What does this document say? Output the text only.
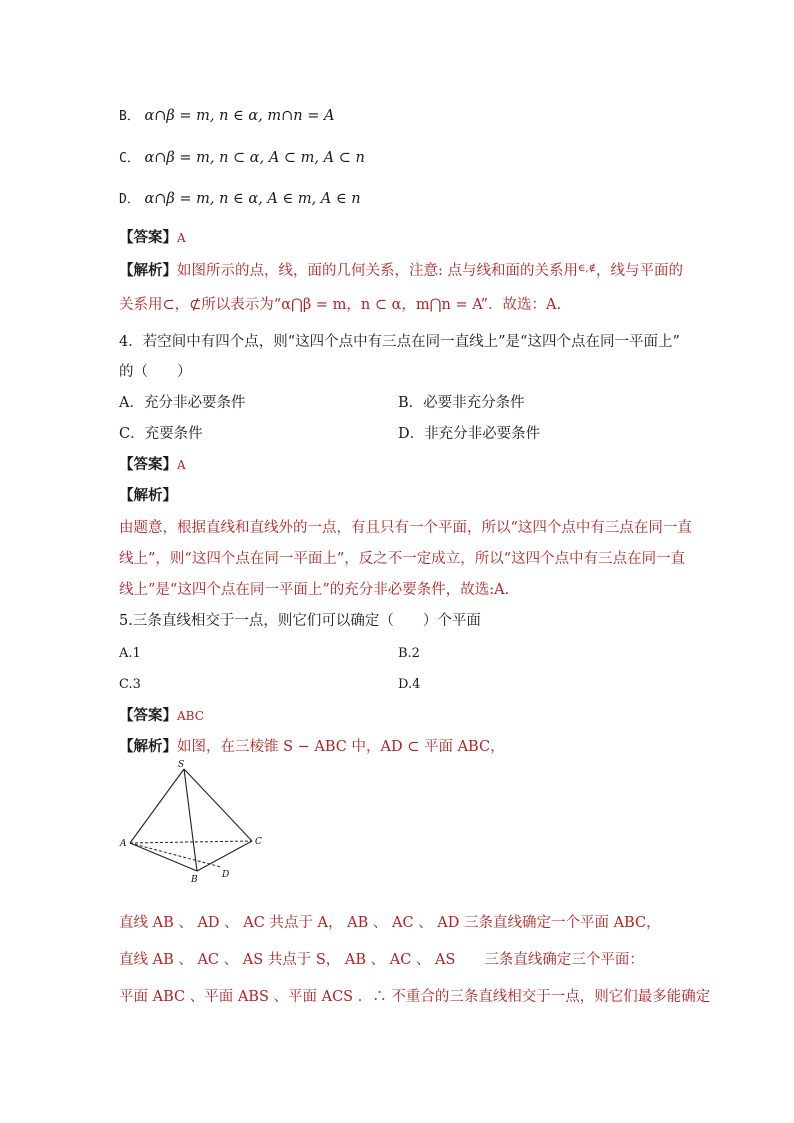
B． α∩β = m, n ∈ α, m∩n = A
C． α∩β = m, n ⊂ α, A ⊂ m, A ⊂ n
D． α∩β = m, n ∈ α, A ∈ m, A ∈ n
【答案】A
【解析】如图所示的点，线，面的几何关系，注意: 点与线和面的关系用∈,∉，线与平面的
关系用⊂，⊄所以表示为“α⋂β = m，n ⊂ α，m⋂n = A”．故选：A.
4．若空间中有四个点，则“这四个点中有三点在同一直线上”是“这四个点在同一平面上”
的（　　）
A．充分非必要条件	B．必要非充分条件
C．充要条件	D．非充分非必要条件
【答案】A
【解析】
由题意，根据直线和直线外的一点，有且只有一个平面，所以“这四个点中有三点在同一直
线上”，则“这四个点在同一平面上”，反之不一定成立，所以“这四个点中有三点在同一直
线上”是“这四个点在同一平面上”的充分非必要条件，故选:A.
5.三条直线相交于一点，则它们可以确定（　　）个平面
A.1	B.2
C.3	D.4
【答案】ABC
【解析】如图，在三棱锥 S − ABC 中，AD ⊂ 平面 ABC，
S
A	C
D
B
直线 AB 、 AD 、 AC 共点于 A， AB 、 AC 、 AD 三条直线确定一个平面 ABC，
直线 AB 、 AC 、 AS 共点于 S， AB 、 AC 、 AS　　三条直线确定三个平面：
平面 ABC 、平面 ABS 、平面 ACS ．∴ 不重合的三条直线相交于一点，则它们最多能确定
